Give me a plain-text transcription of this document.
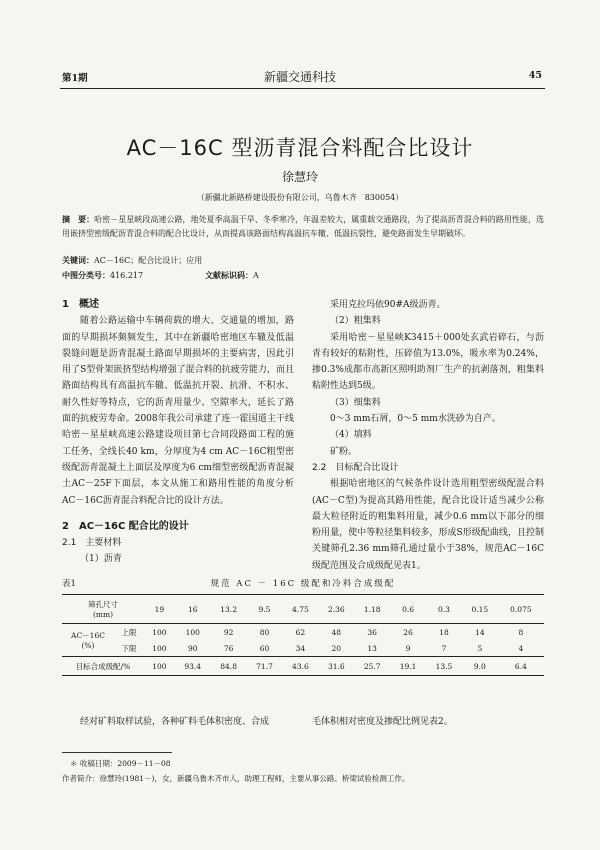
第1期	新疆交通科技	45
AC－16C 型沥青混合料配合比设计
徐慧玲
（新疆北新路桥建设股份有限公司，乌鲁木齐　830054）
摘　要：哈密－星星峡段高速公路，地处夏季高温干旱、冬季寒冷，年温差较大，属重载交通路段，为了提高沥青混合料的路用性能，选用嵌挤型密级配沥青混合料的配合比设计，从而提高该路面结构高温抗车辙、低温抗裂性，避免路面发生早期破坏。
关键词：AC－16C；配合比设计；应用
中图分类号：416.217	文献标识码：A

1　概述

随着公路运输中车辆荷载的增大、交通量的增加，路面的早期损坏频频发生，其中在新疆哈密地区车辙及低温裂缝问题是沥青混凝土路面早期损坏的主要病害，因此引用了S型骨架嵌挤型结构增强了混合料的抗疲劳能力，而且路面结构具有高温抗车辙、低温抗开裂、抗滑、不积水、耐久性好等特点，它的沥青用量少、空隙率大，延长了路面的抗疲劳寿命。2008年我公司承建了连一霍国道主干线哈密－星星峡高速公路建设项目第七合同段路面工程的施工任务，全线长40 km，分厚度为4 cm AC－16C粗型密级配沥青混凝土上面层及厚度为6 cm细型密级配沥青混凝土AC－25F下面层，本文从施工和路用性能的角度分析AC－16C沥青混合料配合比的设计方法。

2　AC－16C 配合比的设计

2.1　主要材料

（1）沥青

采用克拉玛依90#A级沥青。

（2）粗集料

采用哈密－星星峡K3415＋000处玄武岩碎石，与沥青有较好的粘附性，压碎值为13.0%，吸水率为0.24%，掺0.3%成都市高新区照明助剂厂生产的抗剥落剂，粗集料粘附性达到5级。

（3）细集料

0～3 mm石屑，0～5 mm水洗砂为自产。

（4）填料

矿粉。

2.2　目标配合比设计

根据哈密地区的气候条件设计选用粗型密级配混合料(AC－C型)为提高其路用性能，配合比设计适当减少公称最大粒径附近的粗集料用量，减少0.6 mm以下部分的细粉用量，使中等粒径集料较多，形成S形级配曲线，且控制关键筛孔2.36 mm筛孔通过量小于38%，规范AC－16C级配范围及合成级配见表1。

表1	规范 AC － 16C 级配和冷料合成级配
筛孔尺寸
(mm)		19	16	13.2	9.5	4.75	2.36	1.18	0.6	0.3	0.15	0.075
AC－16C
(%)	上限	100	100	92	80	62	48	36	26	18	14	8
	下限	100	90	76	60	34	20	13	9	7	5	4
目标合成级配/%		100	93.4	84.8	71.7	43.6	31.6	25.7	19.1	13.5	9.0	6.4

经对矿料取样试验，各种矿料毛体积密度、合成	毛体积相对密度及掺配比例见表2。

＊ 收稿日期：2009－11－08
作者简介：徐慧玲(1981－)，女，新疆乌鲁木齐市人，助理工程师，主要从事公路、桥梁试验检测工作。
